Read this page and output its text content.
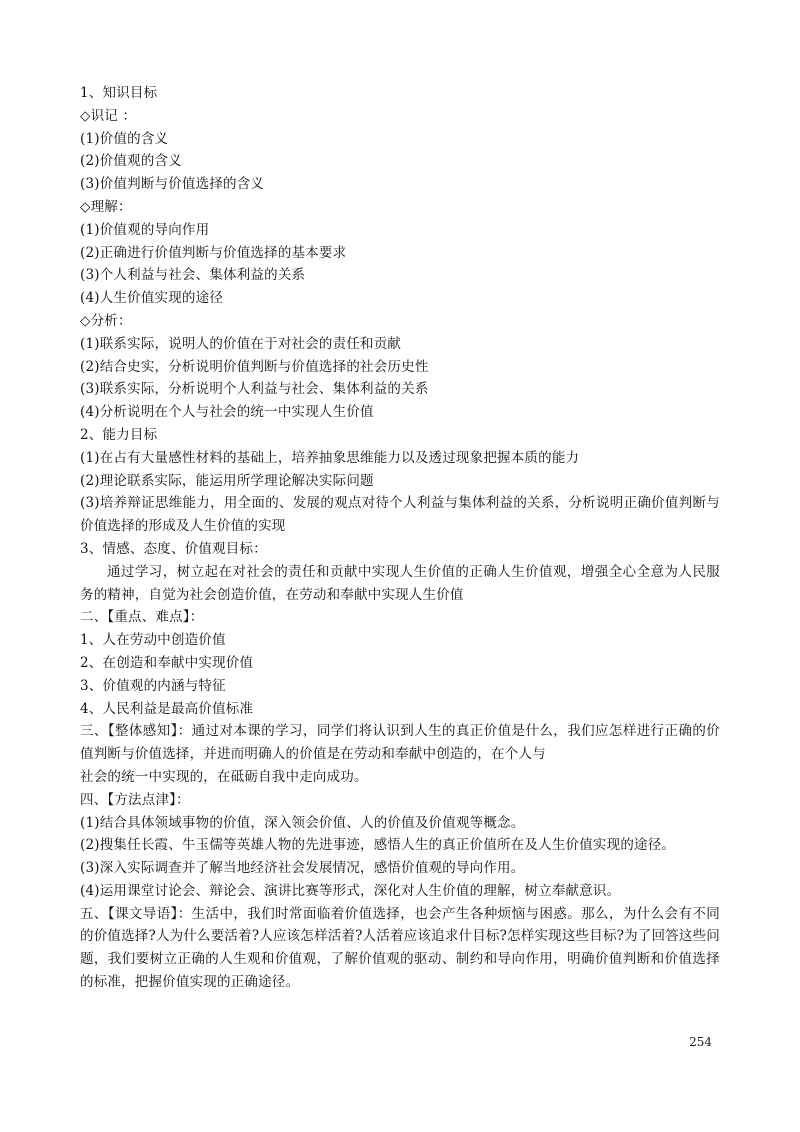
1、知识目标
◇识记 ：
(1)价值的含义
(2)价值观的含义
(3)价值判断与价值选择的含义
◇理解：
(1)价值观的导向作用
(2)正确进行价值判断与价值选择的基本要求
(3)个人利益与社会、集体利益的关系
(4)人生价值实现的途径
◇分析：
(1)联系实际，说明人的价值在于对社会的责任和贡献
(2)结合史实，分析说明价值判断与价值选择的社会历史性
(3)联系实际，分析说明个人利益与社会、集体利益的关系
(4)分析说明在个人与社会的统一中实现人生价值
2、能力目标
(1)在占有大量感性材料的基础上，培养抽象思维能力以及透过现象把握本质的能力
(2)理论联系实际，能运用所学理论解决实际问题
(3)培养辩证思维能力，用全面的、发展的观点对待个人利益与集体利益的关系，分析说明正确价值判断与价值选择的形成及人生价值的实现
3、情感、态度、价值观目标：
通过学习，树立起在对社会的责任和贡献中实现人生价值的正确人生价值观，增强全心全意为人民服务的精神，自觉为社会创造价值，在劳动和奉献中实现人生价值
二、【重点、难点】：
1、人在劳动中创造价值
2、在创造和奉献中实现价值
3、价值观的内涵与特征
4、人民利益是最高价值标准
三、【整体感知】：通过对本课的学习，同学们将认识到人生的真正价值是什么，我们应怎样进行正确的价值判断与价值选择，并进而明确人的价值是在劳动和奉献中创造的，在个人与
社会的统一中实现的，在砥砺自我中走向成功。
四、【方法点津】：
(1)结合具体领域事物的价值，深入领会价值、人的价值及价值观等概念。
(2)搜集任长霞、牛玉儒等英雄人物的先进事迹，感悟人生的真正价值所在及人生价值实现的途径。
(3)深入实际调查并了解当地经济社会发展情况，感悟价值观的导向作用。
(4)运用课堂讨论会、辩论会、演讲比赛等形式，深化对人生价值的理解，树立奉献意识。
五、【课文导语】：生活中，我们时常面临着价值选择，也会产生各种烦恼与困惑。那么，为什么会有不同的价值选择?人为什么要活着?人应该怎样活着?人活着应该追求什目标?怎样实现这些目标?为了回答这些问题，我们要树立正确的人生观和价值观，了解价值观的驱动、制约和导向作用，明确价值判断和价值选择的标准，把握价值实现的正确途径。
254
